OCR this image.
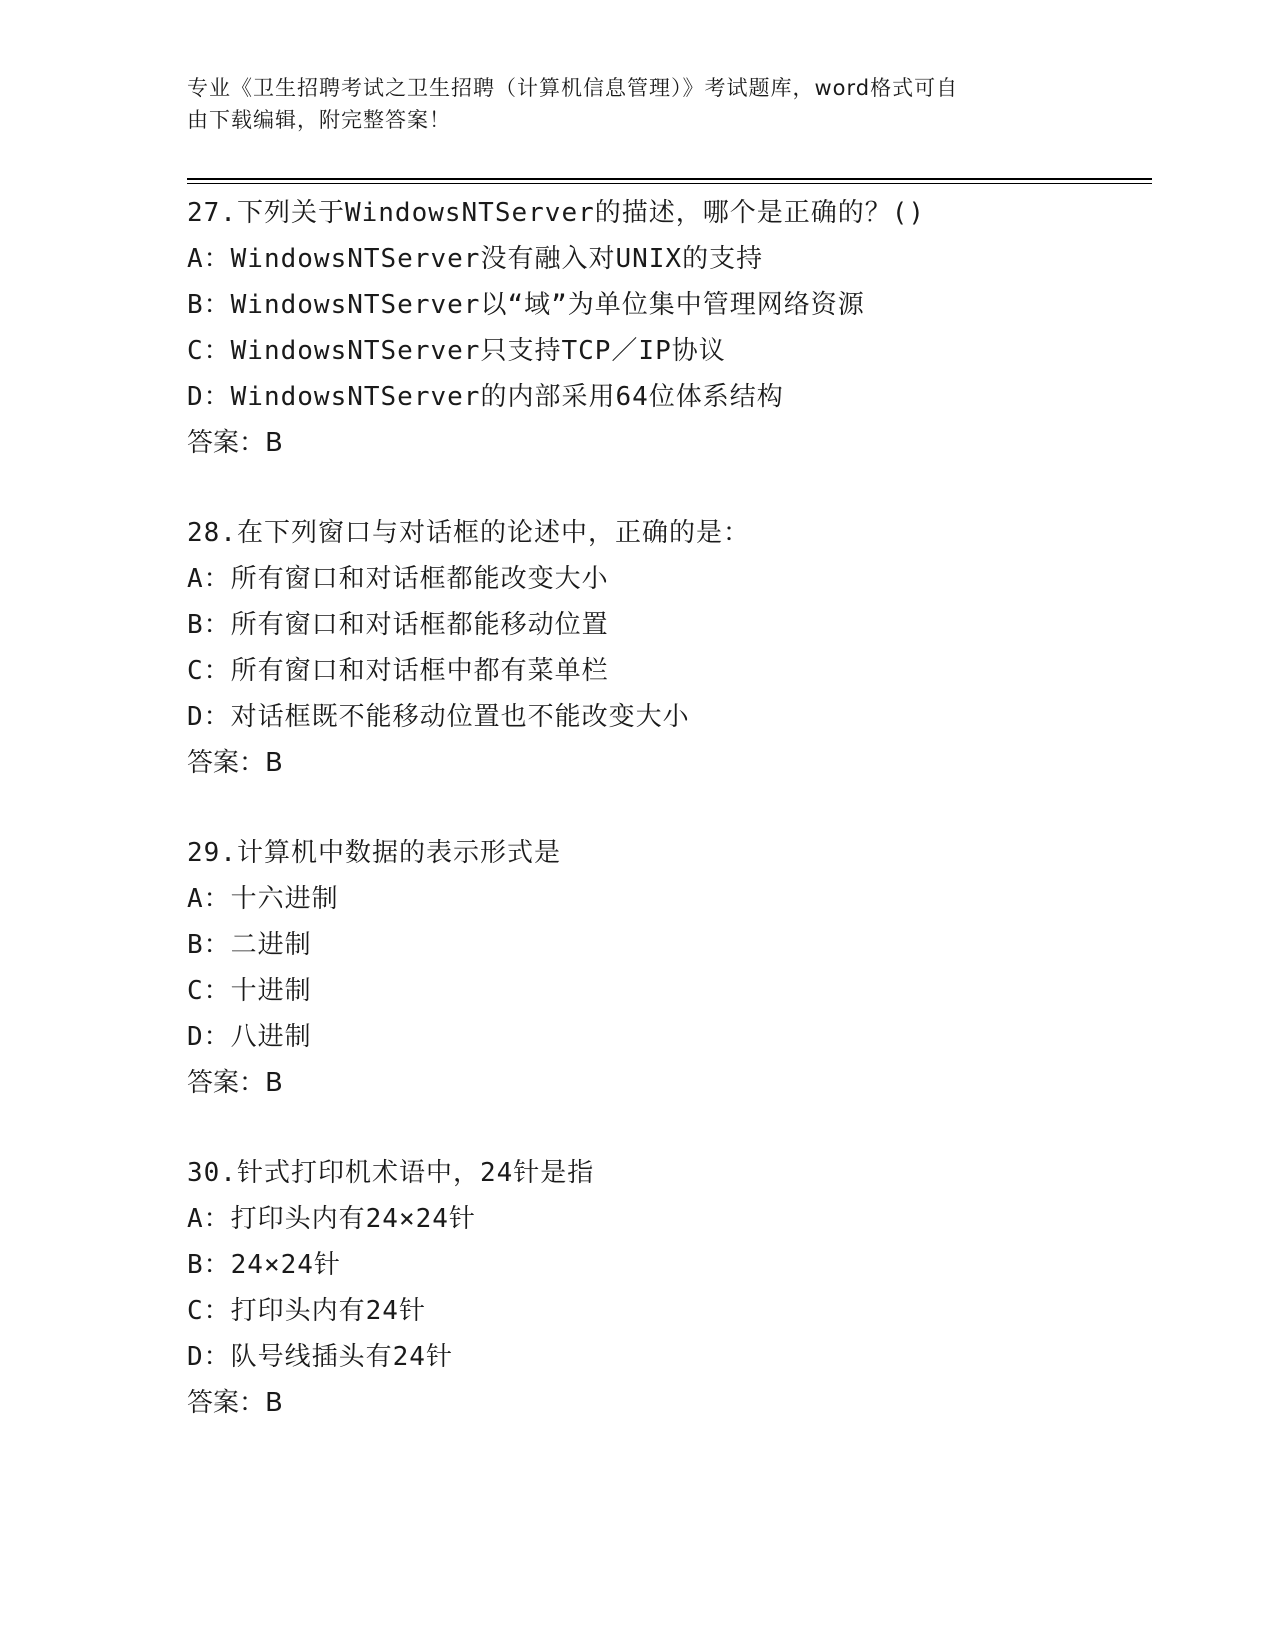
专业《卫生招聘考试之卫生招聘（计算机信息管理）》考试题库，word格式可自
由下载编辑，附完整答案！
27.下列关于WindowsNTServer的描述，哪个是正确的？()
A：WindowsNTServer没有融入对UNIX的支持
B：WindowsNTServer以“域”为单位集中管理网络资源
C：WindowsNTServer只支持TCP／IP协议
D：WindowsNTServer的内部采用64位体系结构
答案：B
28.在下列窗口与对话框的论述中，正确的是：
A：所有窗口和对话框都能改变大小
B：所有窗口和对话框都能移动位置
C：所有窗口和对话框中都有菜单栏
D：对话框既不能移动位置也不能改变大小
答案：B
29.计算机中数据的表示形式是
A：十六进制
B：二进制
C：十进制
D：八进制
答案：B
30.针式打印机术语中，24针是指
A：打印头内有24×24针
B：24×24针
C：打印头内有24针
D：队号线插头有24针
答案：B
